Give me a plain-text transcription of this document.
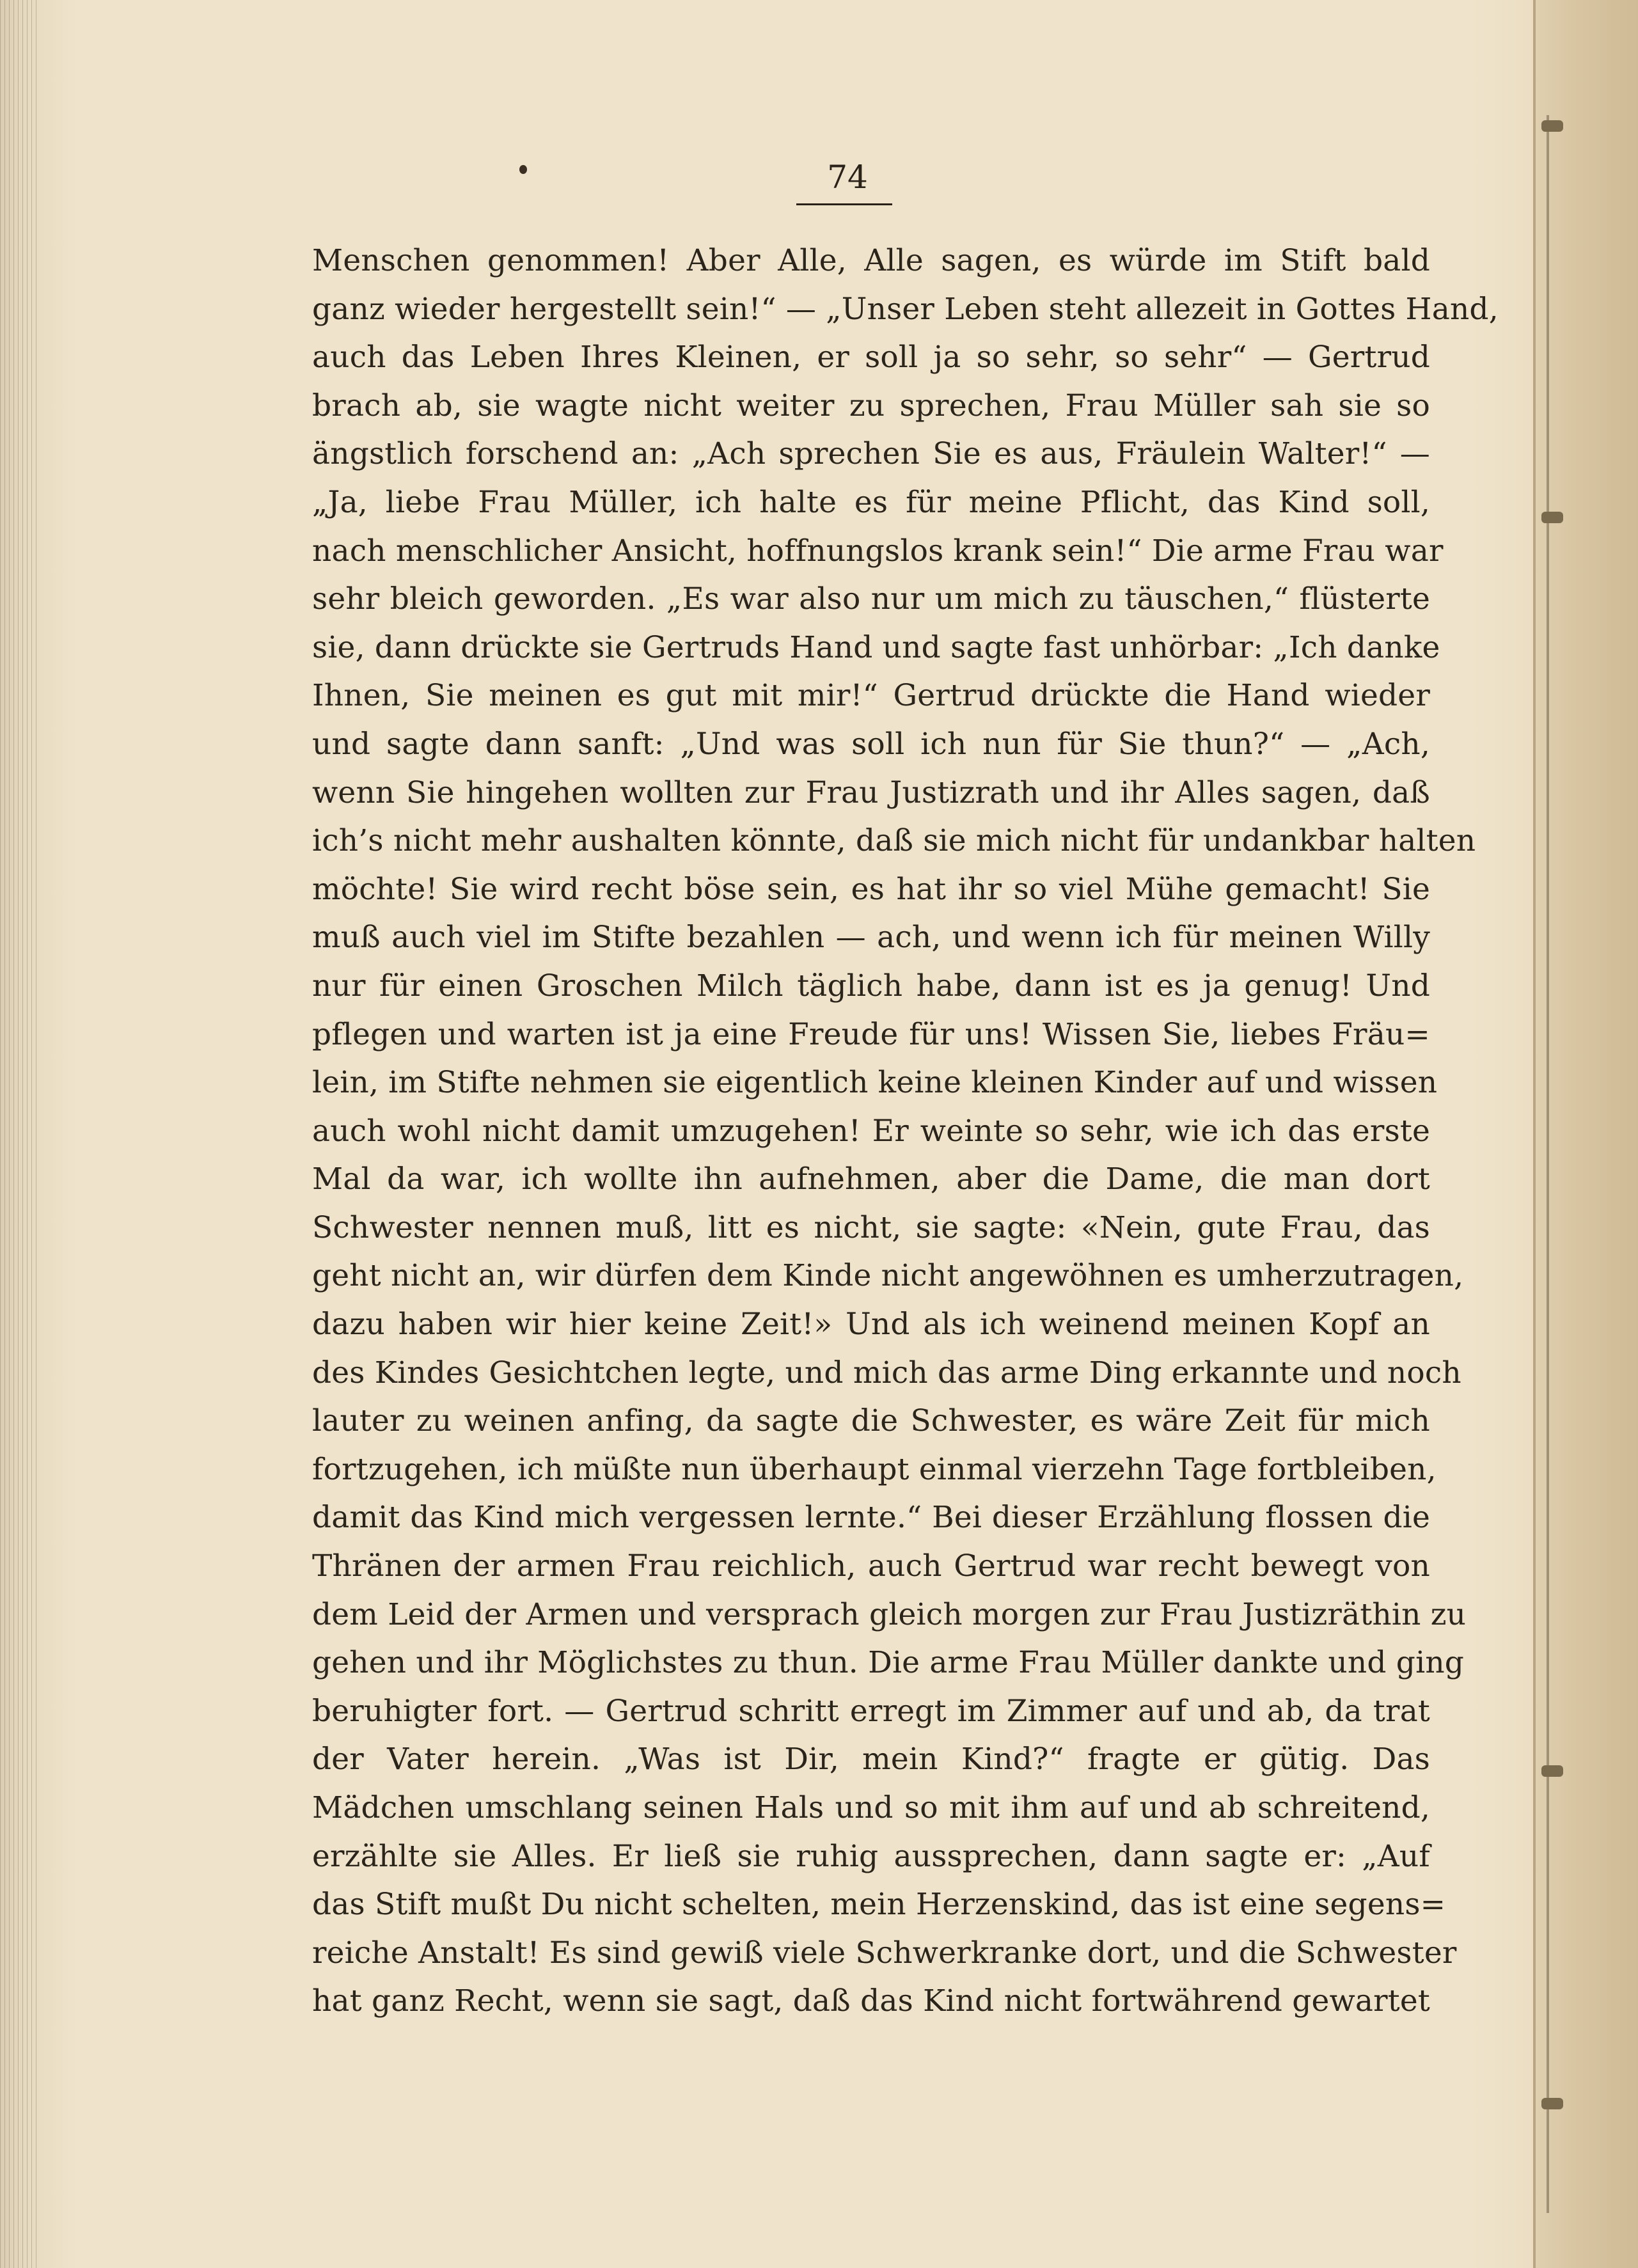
74
Menschen genommen! Aber Alle, Alle sagen, es würde im Stift bald
ganz wieder hergestellt sein!“ — „Unser Leben steht allezeit in Gottes Hand,
auch das Leben Ihres Kleinen, er soll ja so sehr, so sehr“ — Gertrud
brach ab, sie wagte nicht weiter zu sprechen, Frau Müller sah sie so
ängstlich forschend an: „Ach sprechen Sie es aus, Fräulein Walter!“ —
„Ja, liebe Frau Müller, ich halte es für meine Pflicht, das Kind soll,
nach menschlicher Ansicht, hoffnungslos krank sein!“ Die arme Frau war
sehr bleich geworden. „Es war also nur um mich zu täuschen,“ flüsterte
sie, dann drückte sie Gertruds Hand und sagte fast unhörbar: „Ich danke
Ihnen, Sie meinen es gut mit mir!“ Gertrud drückte die Hand wieder
und sagte dann sanft: „Und was soll ich nun für Sie thun?“ — „Ach,
wenn Sie hingehen wollten zur Frau Justizrath und ihr Alles sagen, daß
ich’s nicht mehr aushalten könnte, daß sie mich nicht für undankbar halten
möchte! Sie wird recht böse sein, es hat ihr so viel Mühe gemacht! Sie
muß auch viel im Stifte bezahlen — ach, und wenn ich für meinen Willy
nur für einen Groschen Milch täglich habe, dann ist es ja genug! Und
pflegen und warten ist ja eine Freude für uns! Wissen Sie, liebes Fräu=
lein, im Stifte nehmen sie eigentlich keine kleinen Kinder auf und wissen
auch wohl nicht damit umzugehen! Er weinte so sehr, wie ich das erste
Mal da war, ich wollte ihn aufnehmen, aber die Dame, die man dort
Schwester nennen muß, litt es nicht, sie sagte: «Nein, gute Frau, das
geht nicht an, wir dürfen dem Kinde nicht angewöhnen es umherzutragen,
dazu haben wir hier keine Zeit!» Und als ich weinend meinen Kopf an
des Kindes Gesichtchen legte, und mich das arme Ding erkannte und noch
lauter zu weinen anfing, da sagte die Schwester, es wäre Zeit für mich
fortzugehen, ich müßte nun überhaupt einmal vierzehn Tage fortbleiben,
damit das Kind mich vergessen lernte.“ Bei dieser Erzählung flossen die
Thränen der armen Frau reichlich, auch Gertrud war recht bewegt von
dem Leid der Armen und versprach gleich morgen zur Frau Justizräthin zu
gehen und ihr Möglichstes zu thun. Die arme Frau Müller dankte und ging
beruhigter fort. — Gertrud schritt erregt im Zimmer auf und ab, da trat
der Vater herein. „Was ist Dir, mein Kind?“ fragte er gütig. Das
Mädchen umschlang seinen Hals und so mit ihm auf und ab schreitend,
erzählte sie Alles. Er ließ sie ruhig aussprechen, dann sagte er: „Auf
das Stift mußt Du nicht schelten, mein Herzenskind, das ist eine segens=
reiche Anstalt! Es sind gewiß viele Schwerkranke dort, und die Schwester
hat ganz Recht, wenn sie sagt, daß das Kind nicht fortwährend gewartet
